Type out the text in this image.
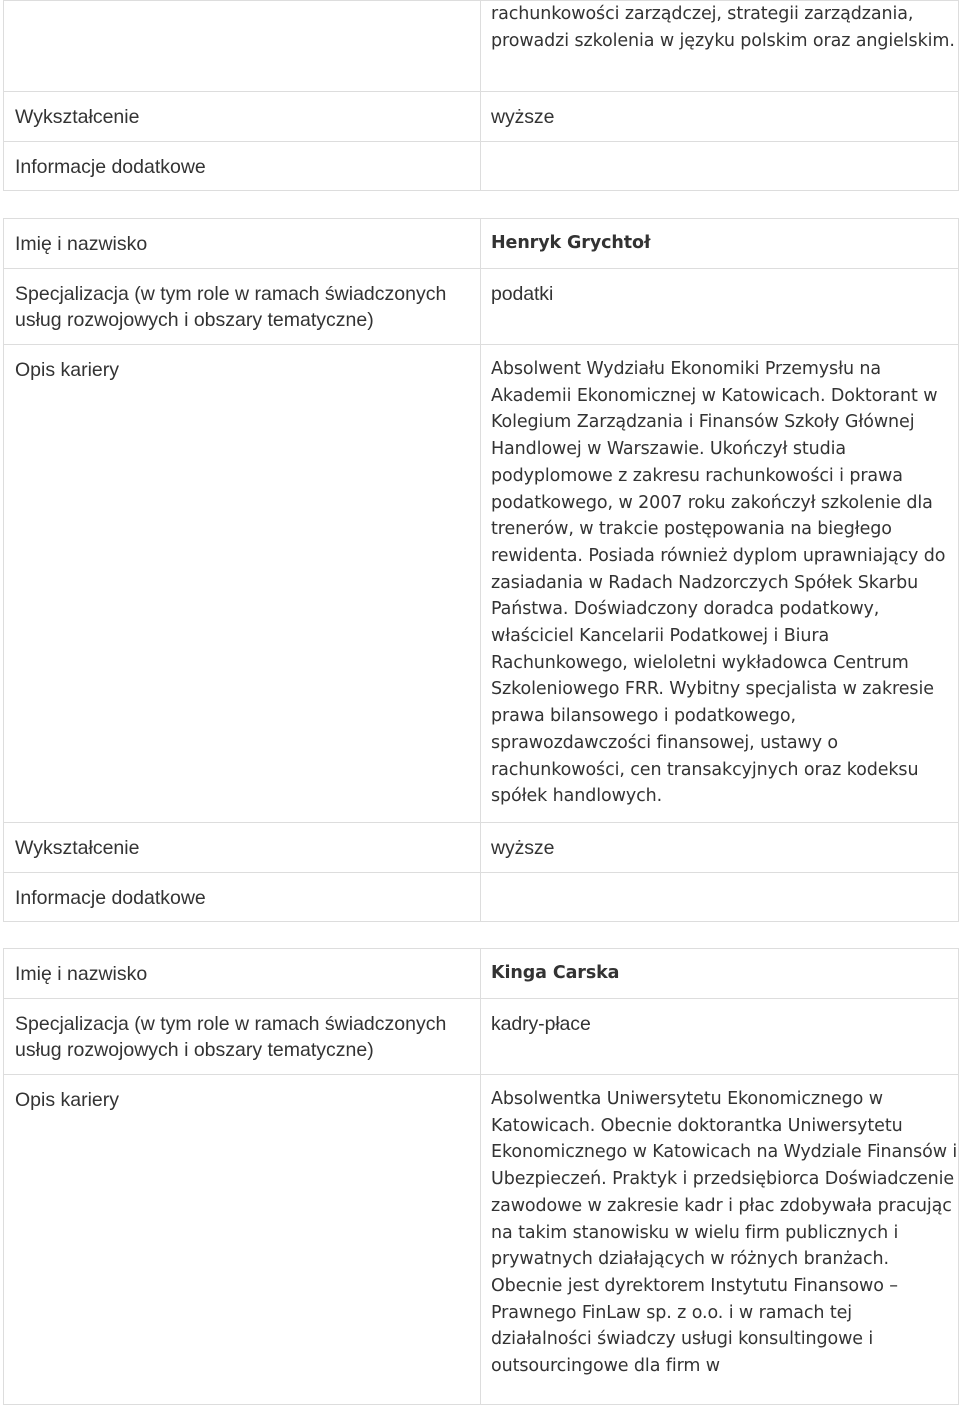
	rachunkowości zarządczej, strategii zarządzania, prowadzi szkolenia w języku polskim oraz angielskim.

Wykształcenie	wyższe

Informacje dodatkowe	

Imię i nazwisko	Henryk Grychtoł

Specjalizacja (w tym role w ramach świadczonych usług rozwojowych i obszary tematyczne)	podatki

Opis kariery	Absolwent Wydziału Ekonomiki Przemysłu na Akademii Ekonomicznej w Katowicach. Doktorant w Kolegium Zarządzania i Finansów Szkoły Głównej Handlowej w Warszawie. Ukończył studia podyplomowe z zakresu rachunkowości i prawa podatkowego, w 2007 roku zakończył szkolenie dla trenerów, w trakcie postępowania na biegłego rewidenta. Posiada również dyplom uprawniający do zasiadania w Radach Nadzorczych Spółek Skarbu Państwa. Doświadczony doradca podatkowy, właściciel Kancelarii Podatkowej i Biura Rachunkowego, wieloletni wykładowca Centrum Szkoleniowego FRR. Wybitny specjalista w zakresie prawa bilansowego i podatkowego, sprawozdawczości finansowej, ustawy o rachunkowości, cen transakcyjnych oraz kodeksu spółek handlowych.

Wykształcenie	wyższe

Informacje dodatkowe	

Imię i nazwisko	Kinga Carska

Specjalizacja (w tym role w ramach świadczonych usług rozwojowych i obszary tematyczne)	kadry-płace

Opis kariery	Absolwentka Uniwersytetu Ekonomicznego w Katowicach. Obecnie doktorantka Uniwersytetu Ekonomicznego w Katowicach na Wydziale Finansów i Ubezpieczeń. Praktyk i przedsiębiorca Doświadczenie zawodowe w zakresie kadr i płac zdobywała pracując na takim stanowisku w wielu firm publicznych i prywatnych działających w różnych branżach. Obecnie jest dyrektorem Instytutu Finansowo – Prawnego FinLaw sp. z o.o. i w ramach tej działalności świadczy usługi konsultingowe i outsourcingowe dla firm w
